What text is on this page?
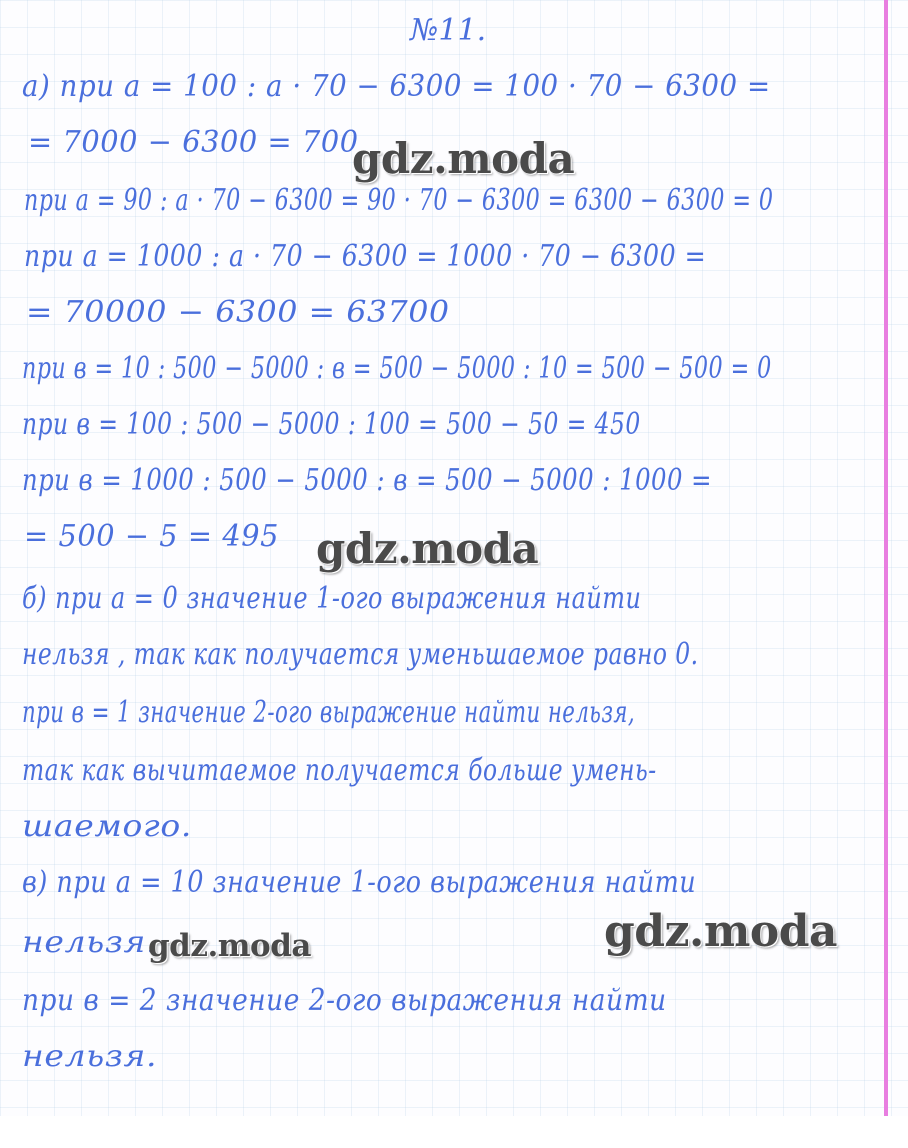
№11.
а) при а = 100 : а · 70 − 6300 = 100 · 70 − 6300 =
= 7000 − 6300 = 700
при а = 90 : а · 70 − 6300 = 90 · 70 − 6300 = 6300 − 6300 = 0
при а = 1000 : а · 70 − 6300 = 1000 · 70 − 6300 =
= 70000 − 6300 = 63700
при в = 10 : 500 − 5000 : в = 500 − 5000 : 10 = 500 − 500 = 0
при в = 100 : 500 − 5000 : 100 = 500 − 50 = 450
при в = 1000 : 500 − 5000 : в = 500 − 5000 : 1000 =
= 500 − 5 = 495
б) при а = 0 значение 1-ого выражения найти
нельзя , так как получается уменьшаемое равно 0.
при в = 1 значение 2-ого выражение найти нельзя,
так как вычитаемое получается больше умень-
шаемого.
в) при а = 10 значение 1-ого выражения найти
нельзя.
при в = 2 значение 2-ого выражения найти
нельзя.
gdz.moda
gdz.moda
gdz.moda
gdz.moda
